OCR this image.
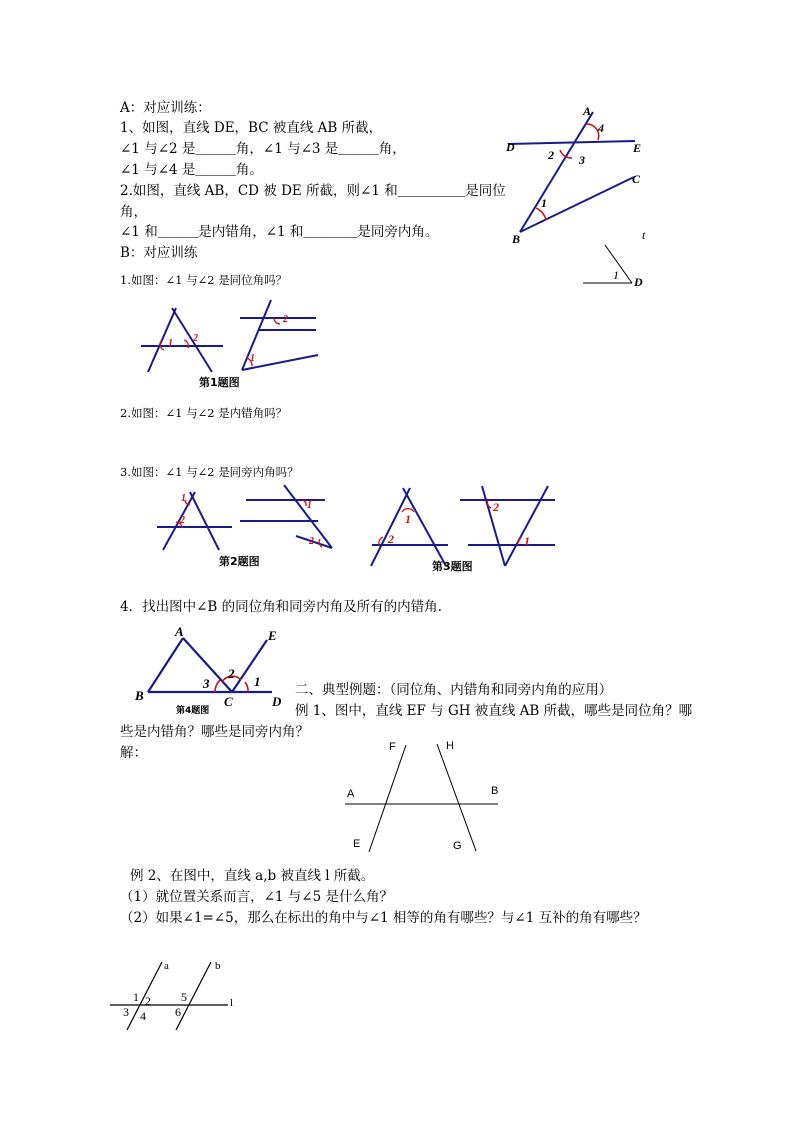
A：对应训练：
1、如图，直线 DE，BC 被直线 AB 所截，
∠1 与∠2 是＿＿＿角，∠1 与∠3 是＿＿＿角，
∠1 与∠4 是＿＿＿角。
2.如图，直线 AB，CD 被 DE 所截，则∠1 和＿＿＿＿＿是同位
角，
∠1 和＿＿＿是内错角，∠1 和＿＿＿＿是同旁内角。
B：对应训练
A
4
D	E
2 3
C
1
B	t
1 D
1.如图：∠1 与∠2 是同位角吗？
1 2
2
1
第1题图
2.如图：∠1 与∠2 是内错角吗？
3.如图：∠1 与∠2 是同旁内角吗？
1
2
1
2
第2题图
1
2
2
1
第3题图
4．找出图中∠B 的同位角和同旁内角及所有的内错角.
A	E
2
3	1
B	C	D
第4题图
二、典型例题：（同位角、内错角和同旁内角的应用）
例 1、图中，直线 EF 与 GH 被直线 AB 所截，哪些是同位角？哪
些是内错角？哪些是同旁内角？
解：	F	H
A	B
E	G
例 2、在图中，直线 a,b 被直线 l 所截。
（1）就位置关系而言，∠1 与∠5 是什么角？
（2）如果∠1=∠5，那么在标出的角中与∠1 相等的角有哪些？与∠1 互补的角有哪些？
a	b
l
1 2
3 4
5
6
